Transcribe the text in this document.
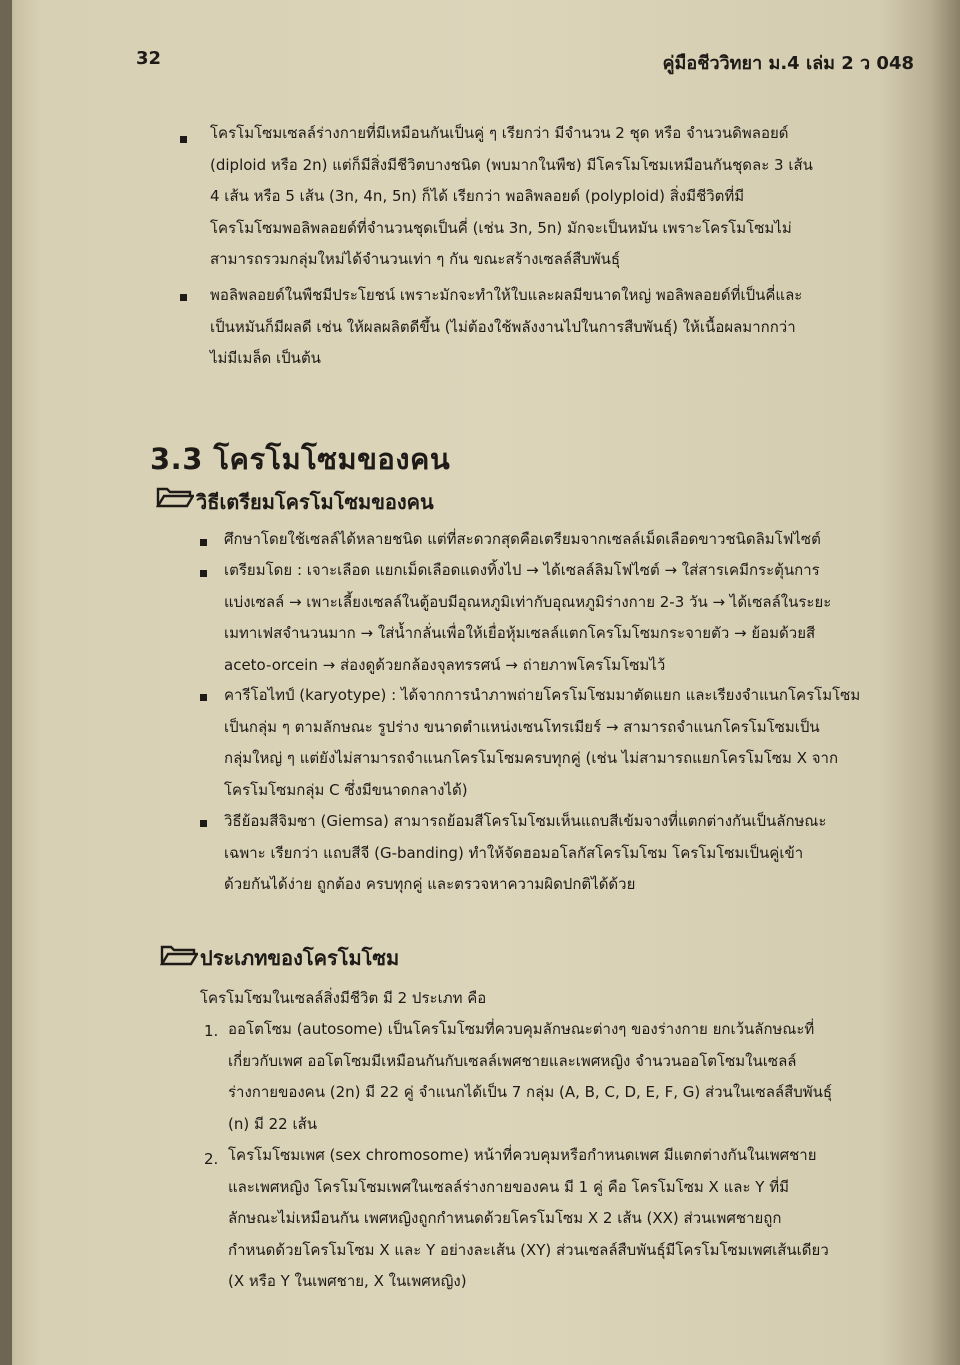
32	คู่มือชีววิทยา ม.4 เล่ม 2 ว 048
โครโมโซมเซลล์ร่างกายที่มีเหมือนกันเป็นคู่ ๆ เรียกว่า มีจำนวน 2 ชุด หรือ จำนวนดิพลอยด์
(diploid หรือ 2n) แต่ก็มีสิ่งมีชีวิตบางชนิด (พบมากในพืช) มีโครโมโซมเหมือนกันชุดละ 3 เส้น
4 เส้น หรือ 5 เส้น (3n, 4n, 5n) ก็ได้ เรียกว่า พอลิพลอยด์ (polyploid) สิ่งมีชีวิตที่มี
โครโมโซมพอลิพลอยด์ที่จำนวนชุดเป็นคี่ (เช่น 3n, 5n) มักจะเป็นหมัน เพราะโครโมโซมไม่
สามารถรวมกลุ่มใหม่ได้จำนวนเท่า ๆ กัน ขณะสร้างเซลล์สืบพันธุ์
พอลิพลอยด์ในพืชมีประโยชน์ เพราะมักจะทำให้ใบและผลมีขนาดใหญ่ พอลิพลอยด์ที่เป็นคี่และ
เป็นหมันก็มีผลดี เช่น ให้ผลผลิตดีขึ้น (ไม่ต้องใช้พลังงานไปในการสืบพันธุ์) ให้เนื้อผลมากกว่า
ไม่มีเมล็ด เป็นต้น
3.3 โครโมโซมของคน
วิธีเตรียมโครโมโซมของคน
ศึกษาโดยใช้เซลล์ได้หลายชนิด แต่ที่สะดวกสุดคือเตรียมจากเซลล์เม็ดเลือดขาวชนิดลิมโฟไซต์
เตรียมโดย : เจาะเลือด แยกเม็ดเลือดแดงทิ้งไป → ได้เซลล์ลิมโฟไซต์ → ใส่สารเคมีกระตุ้นการ
แบ่งเซลล์ → เพาะเลี้ยงเซลล์ในตู้อบมีอุณหภูมิเท่ากับอุณหภูมิร่างกาย 2-3 วัน → ได้เซลล์ในระยะ
เมทาเฟสจำนวนมาก → ใส่น้ำกลั่นเพื่อให้เยื่อหุ้มเซลล์แตกโครโมโซมกระจายตัว → ย้อมด้วยสี
aceto-orcein → ส่องดูด้วยกล้องจุลทรรศน์ → ถ่ายภาพโครโมโซมไว้
คารีโอไทป์ (karyotype) : ได้จากการนำภาพถ่ายโครโมโซมมาตัดแยก และเรียงจำแนกโครโมโซม
เป็นกลุ่ม ๆ ตามลักษณะ รูปร่าง ขนาดตำแหน่งเซนโทรเมียร์ → สามารถจำแนกโครโมโซมเป็น
กลุ่มใหญ่ ๆ แต่ยังไม่สามารถจำแนกโครโมโซมครบทุกคู่ (เช่น ไม่สามารถแยกโครโมโซม X จาก
โครโมโซมกลุ่ม C ซึ่งมีขนาดกลางได้)
วิธีย้อมสีจิมซา (Giemsa) สามารถย้อมสีโครโมโซมเห็นแถบสีเข้มจางที่แตกต่างกันเป็นลักษณะ
เฉพาะ เรียกว่า แถบสีจี (G-banding) ทำให้จัดฮอมอโลกัสโครโมโซม โครโมโซมเป็นคู่เข้า
ด้วยกันได้ง่าย ถูกต้อง ครบทุกคู่ และตรวจหาความผิดปกติได้ด้วย
ประเภทของโครโมโซม
โครโมโซมในเซลล์สิ่งมีชีวิต มี 2 ประเภท คือ
1. ออโตโซม (autosome) เป็นโครโมโซมที่ควบคุมลักษณะต่างๆ ของร่างกาย ยกเว้นลักษณะที่
เกี่ยวกับเพศ ออโตโซมมีเหมือนกันกับเซลล์เพศชายและเพศหญิง จำนวนออโตโซมในเซลล์
ร่างกายของคน (2n) มี 22 คู่ จำแนกได้เป็น 7 กลุ่ม (A, B, C, D, E, F, G) ส่วนในเซลล์สืบพันธุ์
(n) มี 22 เส้น
2. โครโมโซมเพศ (sex chromosome) หน้าที่ควบคุมหรือกำหนดเพศ มีแตกต่างกันในเพศชาย
และเพศหญิง โครโมโซมเพศในเซลล์ร่างกายของคน มี 1 คู่ คือ โครโมโซม X และ Y ที่มี
ลักษณะไม่เหมือนกัน เพศหญิงถูกกำหนดด้วยโครโมโซม X 2 เส้น (XX) ส่วนเพศชายถูก
กำหนดด้วยโครโมโซม X และ Y อย่างละเส้น (XY) ส่วนเซลล์สืบพันธุ์มีโครโมโซมเพศเส้นเดียว
(X หรือ Y ในเพศชาย, X ในเพศหญิง)
